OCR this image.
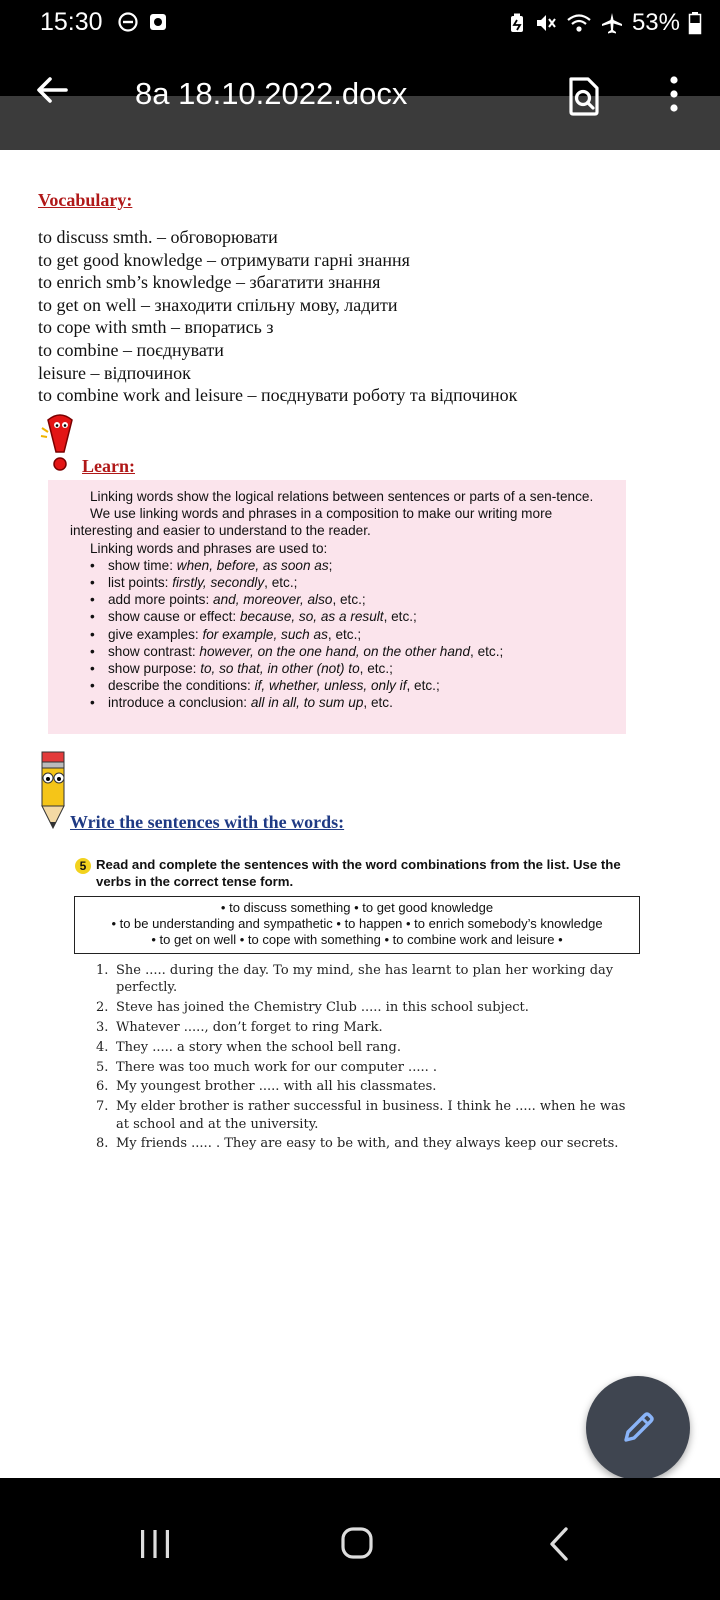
15:30	53%
8a 18.10.2022.docx
Vocabulary:
to discuss smth. – обговорювати
to get good knowledge – отримувати гарні знання
to enrich smb’s knowledge – збагатити знання
to get on well – знаходити спільну мову, ладити
to cope with smth – впоратись з
to combine – поєднувати
leisure – відпочинок
to combine work and leisure – поєднувати роботу та відпочинок
Learn:
Linking words show the logical relations between sentences or parts of a sen-tence.
We use linking words and phrases in a composition to make our writing more interesting and easier to understand to the reader.
Linking words and phrases are used to:
• show time: when, before, as soon as;
• list points: firstly, secondly, etc.;
• add more points: and, moreover, also, etc.;
• show cause or effect: because, so, as a result, etc.;
• give examples: for example, such as, etc.;
• show contrast: however, on the one hand, on the other hand, etc.;
• show purpose: to, so that, in other (not) to, etc.;
• describe the conditions: if, whether, unless, only if, etc.;
• introduce a conclusion: all in all, to sum up, etc.
Write the sentences with the words:
5 Read and complete the sentences with the word combinations from the list. Use the verbs in the correct tense form.
• to discuss something • to get good knowledge
• to be understanding and sympathetic • to happen • to enrich somebody’s knowledge
• to get on well • to cope with something • to combine work and leisure •
1. She ..... during the day. To my mind, she has learnt to plan her working day perfectly.
2. Steve has joined the Chemistry Club ..... in this school subject.
3. Whatever ....., don’t forget to ring Mark.
4. They ..... a story when the school bell rang.
5. There was too much work for our computer ..... .
6. My youngest brother ..... with all his classmates.
7. My elder brother is rather successful in business. I think he ..... when he was at school and at the university.
8. My friends ..... . They are easy to be with, and they always keep our secrets.
